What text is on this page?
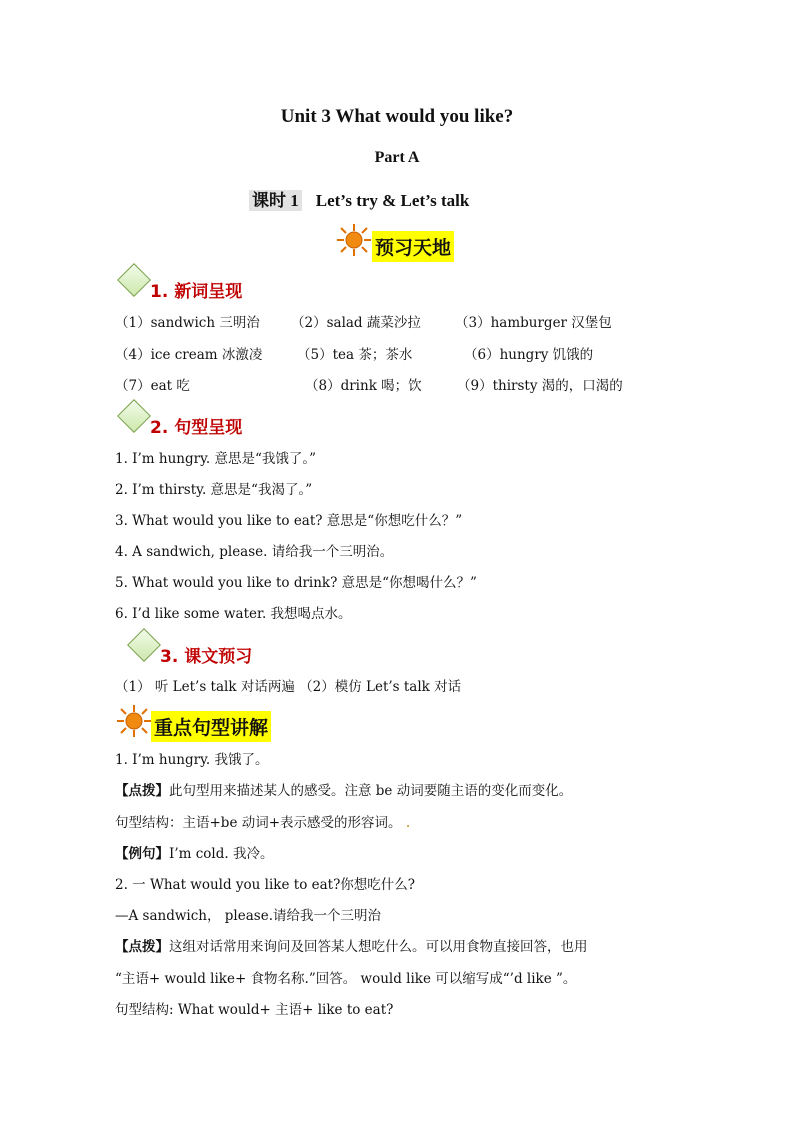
Unit 3 What would you like?
Part A
课时 1 Let’s try & Let’s talk
预习天地
1. 新词呈现
（1）sandwich 三明治 （2）salad 蔬菜沙拉	（3）hamburger 汉堡包
（4）ice cream 冰激凌	（5）tea 茶；茶水	（6）hungry 饥饿的
（7）eat 吃	（8）drink 喝；饮	（9）thirsty 渴的，口渴的
2. 句型呈现
1. I’m hungry. 意思是“我饿了。”
2. I’m thirsty. 意思是“我渴了。”
3. What would you like to eat? 意思是“你想吃什么？”
4. A sandwich, please. 请给我一个三明治。
5. What would you like to drink? 意思是“你想喝什么？”
6. I’d like some water. 我想喝点水。
3. 课文预习
（1） 听 Let’s talk 对话两遍 （2）模仿 Let’s talk 对话
重点句型讲解
1. I’m hungry. 我饿了。
【点拨】此句型用来描述某人的感受。注意 be 动词要随主语的变化而变化。
句型结构：主语+be 动词+表示感受的形容词。 .
【例句】I’m cold. 我冷。
2. 一 What would you like to eat?你想吃什么?
—A sandwich， please.请给我一个三明治
【点拨】这组对话常用来询问及回答某人想吃什么。可以用食物直接回答，也用
“主语+ would like+ 食物名称.”回答。 would like 可以缩写成“’d like ”。
句型结构: What would+ 主语+ like to eat?
